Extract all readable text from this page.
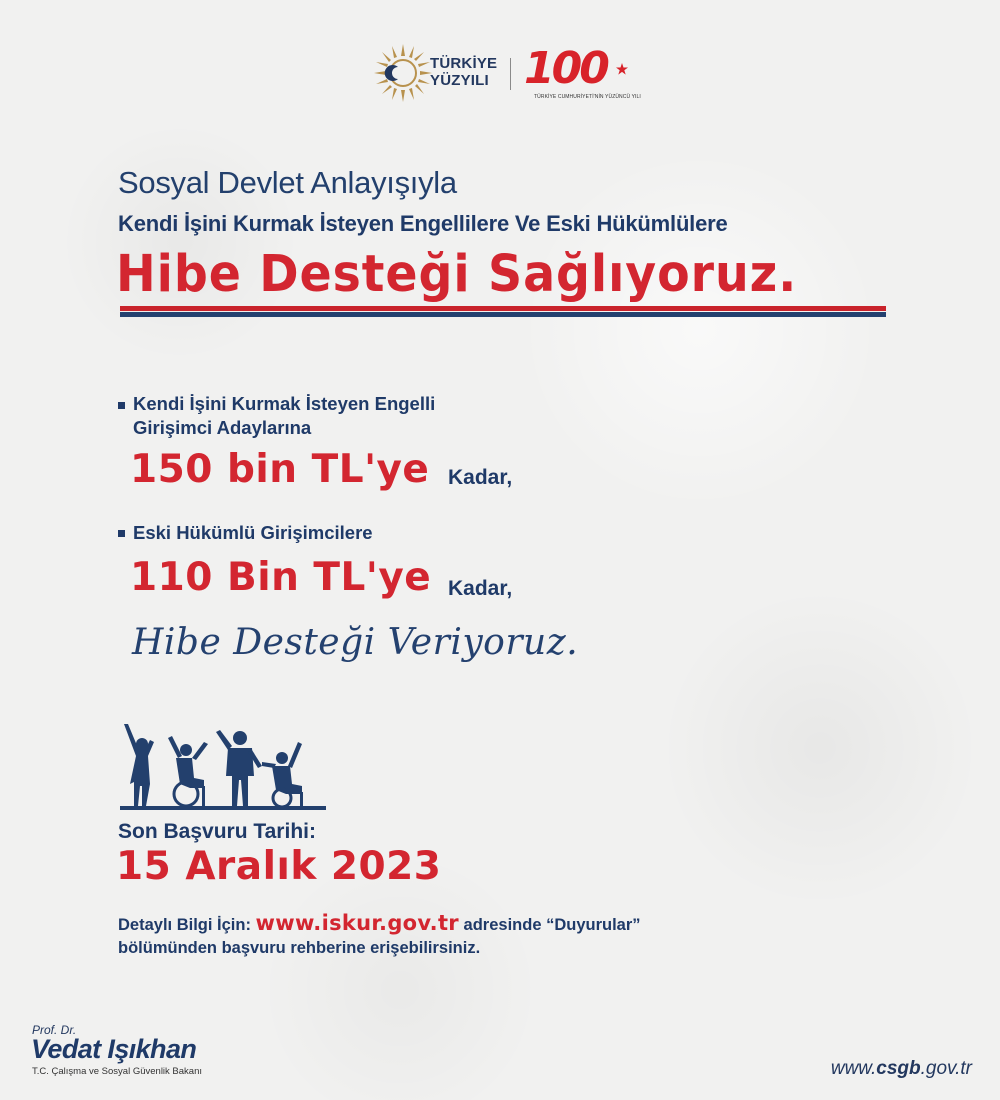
TÜRKİYE
YÜZYILI 100
TÜRKİYE CUMHURİYETİ'NİN YÜZÜNCÜ YILI
Sosyal Devlet Anlayışıyla
Kendi İşini Kurmak İsteyen Engellilere Ve Eski Hükümlülere
Hibe Desteği Sağlıyoruz.
Kendi İşini Kurmak İsteyen Engelli
Girişimci Adaylarına
150 bin TL'ye Kadar,
Eski Hükümlü Girişimcilere
110 Bin TL'ye Kadar,
Hibe Desteği Veriyoruz.
Son Başvuru Tarihi:
15 Aralık 2023
Detaylı Bilgi İçin: www.iskur.gov.tr adresinde “Duyurular”
bölümünden başvuru rehberine erişebilirsiniz.
Prof. Dr.
Vedat Işıkhan
T.C. Çalışma ve Sosyal Güvenlik Bakanı	www.csgb.gov.tr
